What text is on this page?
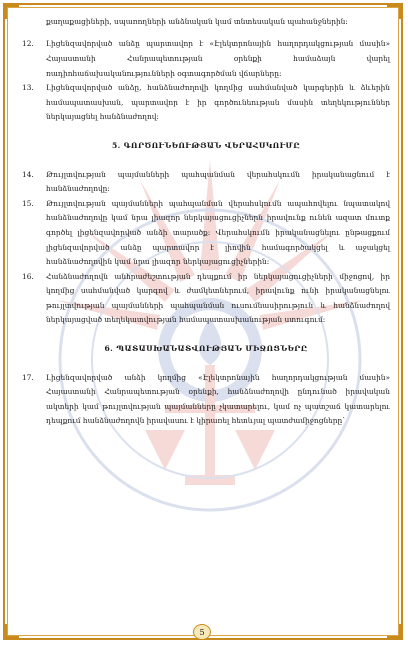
քաղաքացիների, սպառողների անձնական կամ տնտեսական պահանջներին։

12.	Լիցենզավորված անձը պարտավոր է «Էլեկտրոնային հաղորդակցության մասին» Հայաստանի Հանրապետության օրենքի համաձայն վարել ռադիոհաճախականությունների օգտագործման վճարները։
13.	Լիցենզավորված անձը, հանձնաժողովի կողմից սահմանված կարգերին և ձևերին համապատասխան, պարտավոր է իր գործունեության մասին տեղեկություններ ներկայացնել հանձնաժողով։

5. ԳՈՐԾՈՒՆԵՈՒԹՅԱՆ ՎԵՐԱՀՍԿՈՒՄԸ

14.	Թույլտվության պայմանների պահպանման վերահսկումն իրականացնում է հանձնաժողովը։
15.	Թույլտվության պայմանների պահպանման վերահսկումն ապահովելու նպատակով հանձնաժողովը կամ նրա լիազոր ներկայացուցիչներն իրավունք ունեն ազատ մուտք գործել լիցենզավորված անձի տարածք։ Վերահսկումն իրականացնելու ընթացքում լիցենզավորված անձը պարտավոր է լիովին համագործակցել և աջակցել հանձնաժողովին կամ նրա լիազոր ներկայացուցիչներին։
16.	Հանձնաժողովն անհրաժեշտության դեպքում իր ներկայացուցիչների միջոցով, իր կողմից սահմանված կարգով և ժամկետներում, իրավունք ունի իրականացնելու թույլտվության պայմանների պահպանման ուսումնասիրություն և հանձնաժողով ներկայացված տեղեկատվության համապատասխանության ստուգում։

6. ՊԱՏԱՍԽԱՆԱՏՎՈՒԹՅԱՆ ՄԻՋՈՑՆԵՐԸ

17.	Լիցենզավորված անձի կողմից «Էլեկտրոնային հաղորդակցության մասին» Հայաստանի Հանրապետության օրենքի, հանձնաժողովի ընդունած իրավական ակտերի կամ թույլտվության պայմանները չկատարելու, կամ ոչ պատշաճ կատարելու դեպքում հանձնաժողովն իրավասու է կիրառել հետևյալ պատժամիջոցները՝
5
